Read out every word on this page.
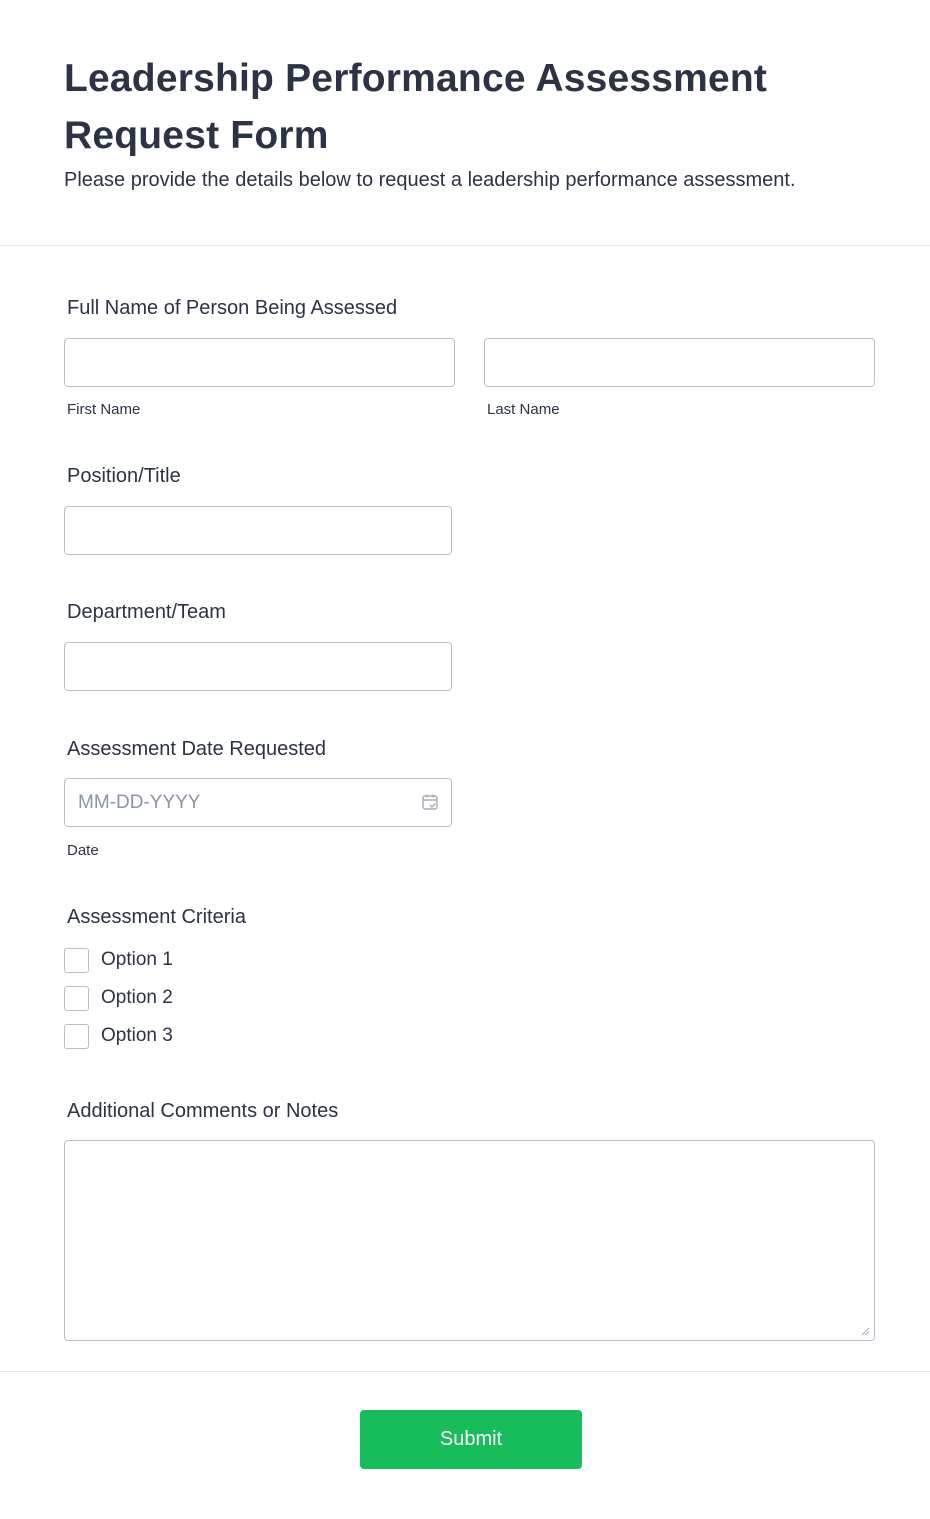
Leadership Performance Assessment Request Form

Please provide the details below to request a leadership performance assessment.

Full Name of Person Being Assessed
First Name	Last Name
Position/Title
Department/Team
Assessment Date Requested
MM-DD-YYYY
Date
Assessment Criteria
Option 1
Option 2
Option 3
Additional Comments or Notes
Submit
